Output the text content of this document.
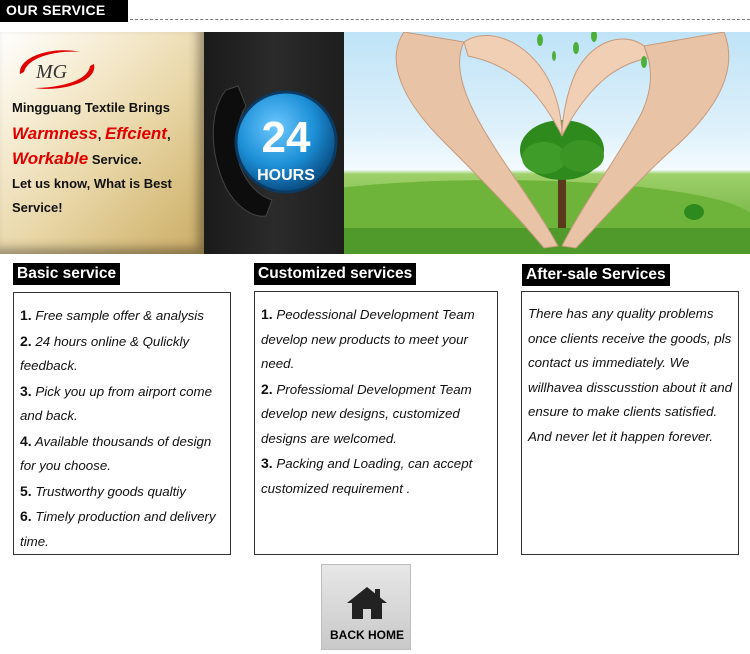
OUR SERVICE
MG
Mingguang Textile Brings
Warmness, Effcient,
Workable Service.
Let us know, What is Best Service!
24
HOURS
Basic service
1. Free sample offer & analysis
2. 24 hours online & Qulickly feedback.
3. Pick you up from airport come and back.
4. Available thousands of design for you choose.
5. Trustworthy goods qualtiy
6. Timely production and delivery time.
Customized services
1. Peodessional Development Team develop new products to meet your need.
2. Professiomal Development Team develop new designs, customized designs are welcomed.
3. Packing and Loading, can accept customized requirement .
After-sale Services
There has any quality problems once clients receive the goods, pls contact us immediately. We willhavea disscusstion about it and ensure to make clients satisfied. And never let it happen forever.
BACK HOME
